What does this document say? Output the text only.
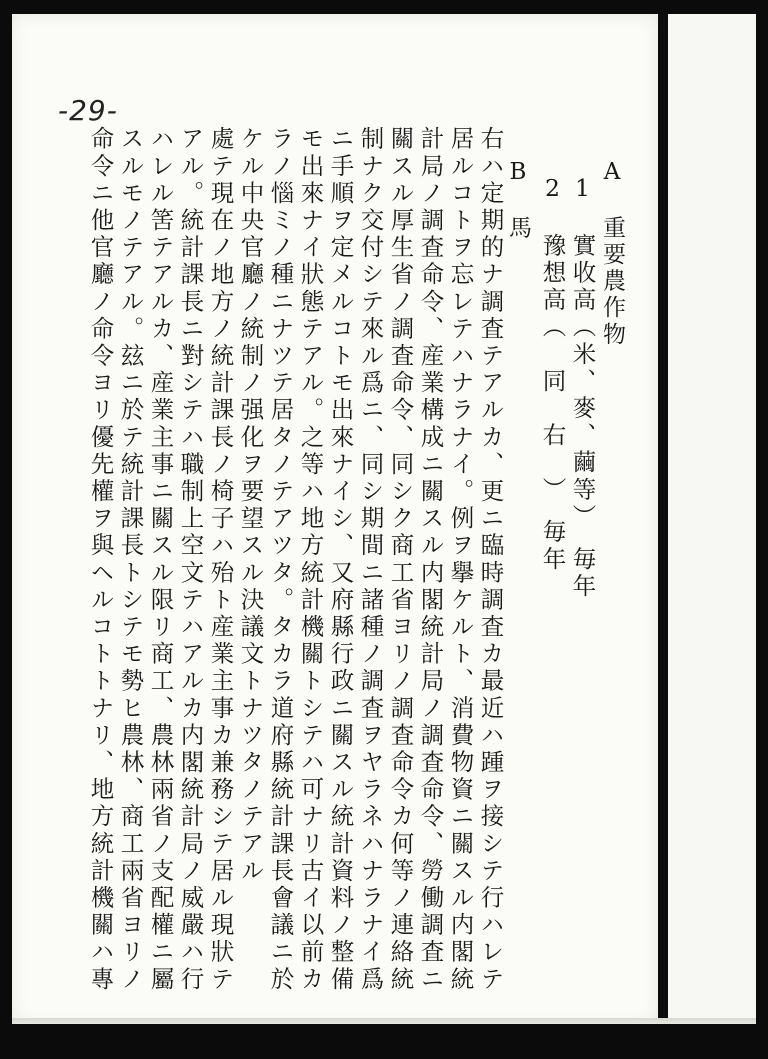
-29-
A　重要農作物
1　實收高（米、麥、繭等）　毎年
2　豫想高（　同　右　）　毎年
B　馬
右ハ定期的ナ調査テアルカ、更ニ臨時調査カ最近ハ踵ヲ接シテ行ハレテ
居ルコトヲ忘レテハナラナイ。例ヲ擧ケルト、消費物資ニ關スル内閣統
計局ノ調査命令、産業構成ニ關スル内閣統計局ノ調査命令、勞働調査ニ
關スル厚生省ノ調査命令、同シク商工省ヨリノ調査命令カ何等ノ連絡統
制ナク交付シテ來ル爲ニ、同シ期間ニ諸種ノ調査ヲヤラネハナラナイ爲
ニ手順ヲ定メルコトモ出來ナイシ、又府縣行政ニ關スル統計資料ノ整備
モ出來ナイ狀態テアル。之等ハ地方統計機關トシテハ可ナリ古イ以前カ
ラノ惱ミノ種ニナツテ居タノテアツタ。タカラ道府縣統計課長會議ニ於
ケル中央官廳ノ統制ノ强化ヲ要望スル決議文トナツタノテアル
處テ現在ノ地方ノ統計課長ノ椅子ハ殆ト産業主事カ兼務シテ居ル現狀テ
アル。統計課長ニ對シテハ職制上空文テハアルカ内閣統計局ノ威嚴ハ行
ハレル筈テアルカ、産業主事ニ關スル限リ商工、農林兩省ノ支配權ニ屬
スルモノテアル。玆ニ於テ統計課長トシテモ勢ヒ農林、商工兩省ヨリノ
命令ニ他官廳ノ命令ヨリ優先權ヲ與ヘルコトトナリ、地方統計機關ハ專
